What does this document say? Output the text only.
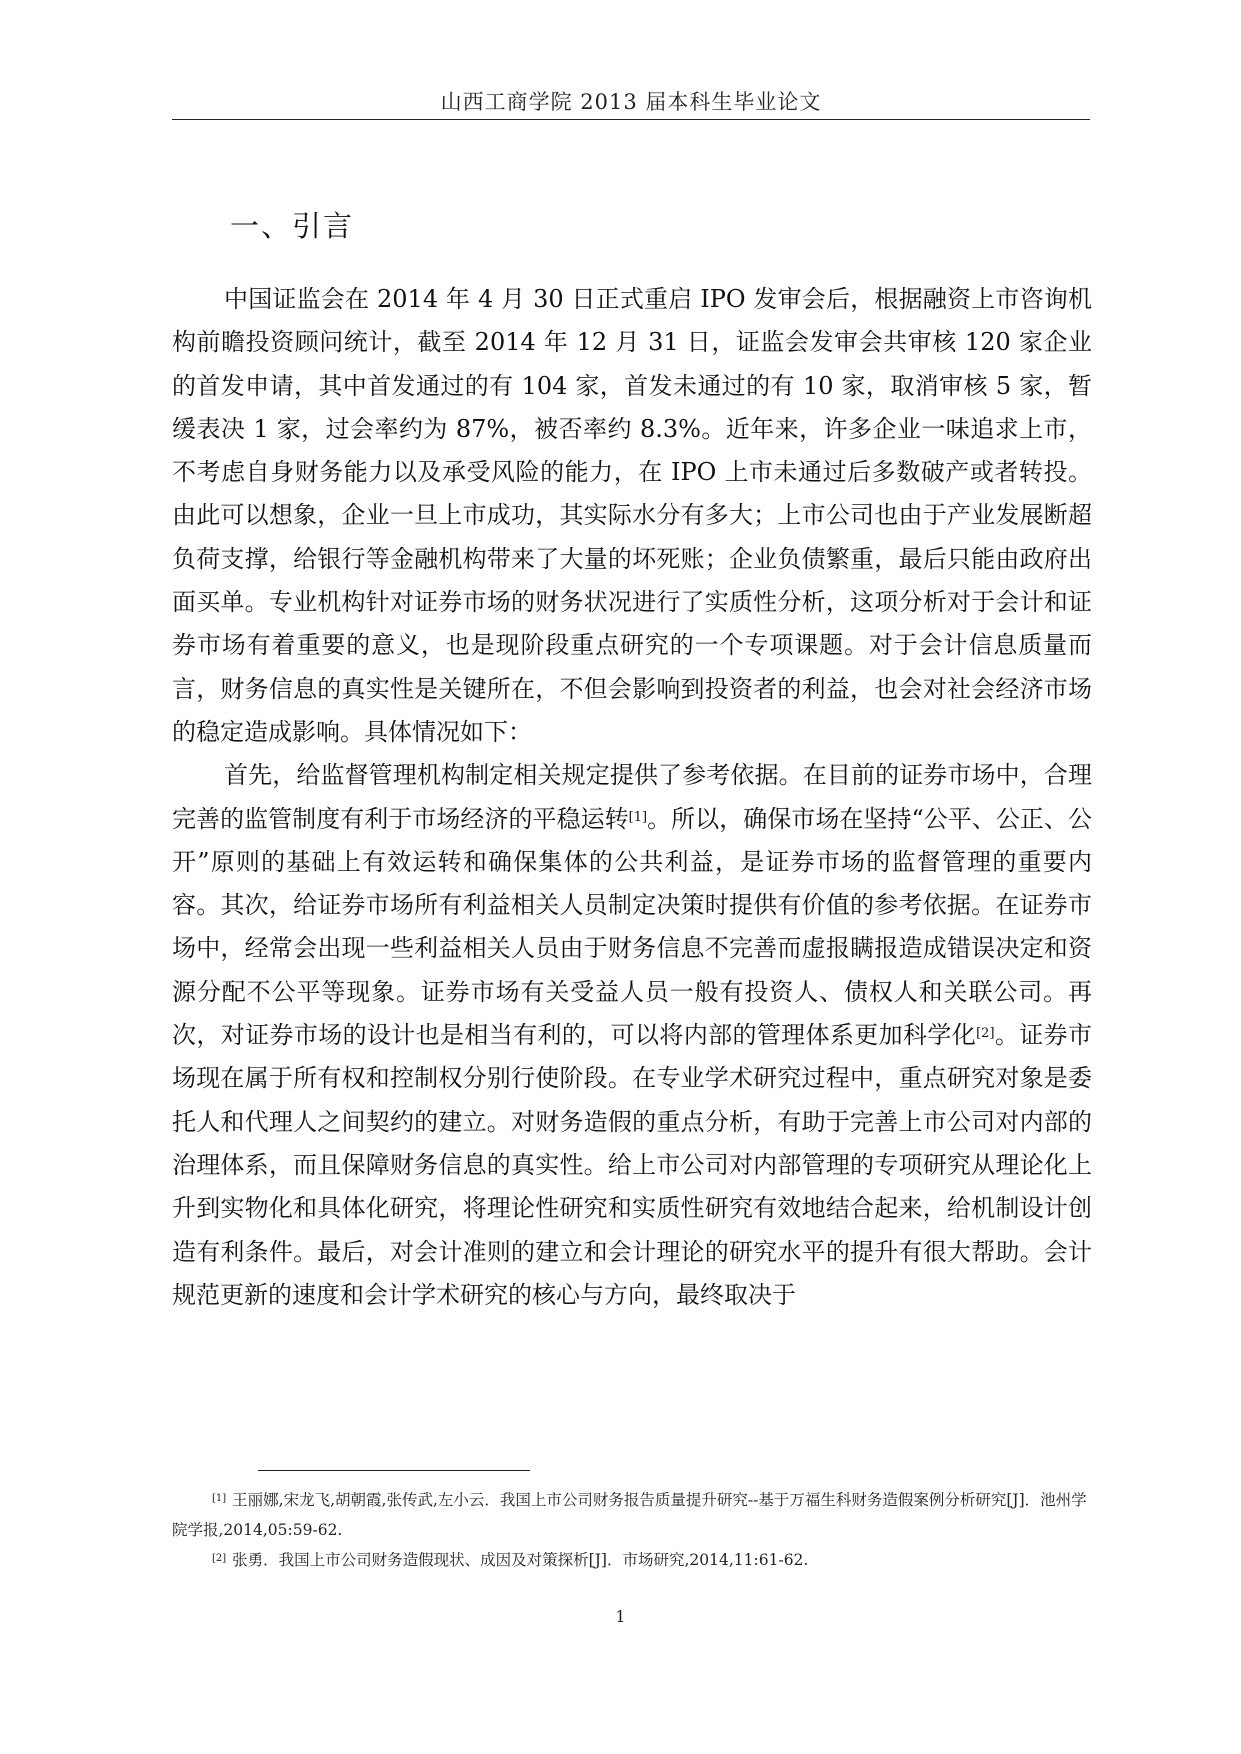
山西工商学院 2013 届本科生毕业论文
一、引言

中国证监会在 2014 年 4 月 30 日正式重启 IPO 发审会后，根据融资上市咨询机构前瞻投资顾问统计，截至 2014 年 12 月 31 日，证监会发审会共审核 120 家企业的首发申请，其中首发通过的有 104 家，首发未通过的有 10 家，取消审核 5 家，暂缓表决 1 家，过会率约为 87%，被否率约 8.3%。近年来，许多企业一味追求上市，不考虑自身财务能力以及承受风险的能力，在 IPO 上市未通过后多数破产或者转投。由此可以想象，企业一旦上市成功，其实际水分有多大；上市公司也由于产业发展断超负荷支撑，给银行等金融机构带来了大量的坏死账；企业负债繁重，最后只能由政府出面买单。专业机构针对证券市场的财务状况进行了实质性分析，这项分析对于会计和证券市场有着重要的意义，也是现阶段重点研究的一个专项课题。对于会计信息质量而言，财务信息的真实性是关键所在，不但会影响到投资者的利益，也会对社会经济市场的稳定造成影响。具体情况如下：

首先，给监督管理机构制定相关规定提供了参考依据。在目前的证券市场中，合理完善的监管制度有利于市场经济的平稳运转[1]。所以，确保市场在坚持“公平、公正、公开”原则的基础上有效运转和确保集体的公共利益，是证券市场的监督管理的重要内容。其次，给证券市场所有利益相关人员制定决策时提供有价值的参考依据。在证券市场中，经常会出现一些利益相关人员由于财务信息不完善而虚报瞒报造成错误决定和资源分配不公平等现象。证券市场有关受益人员一般有投资人、债权人和关联公司。再次，对证券市场的设计也是相当有利的，可以将内部的管理体系更加科学化[2]。证券市场现在属于所有权和控制权分别行使阶段。在专业学术研究过程中，重点研究对象是委托人和代理人之间契约的建立。对财务造假的重点分析，有助于完善上市公司对内部的治理体系，而且保障财务信息的真实性。给上市公司对内部管理的专项研究从理论化上升到实物化和具体化研究，将理论性研究和实质性研究有效地结合起来，给机制设计创造有利条件。最后，对会计准则的建立和会计理论的研究水平的提升有很大帮助。会计规范更新的速度和会计学术研究的核心与方向，最终取决于

[1] 王丽娜,宋龙飞,胡朝霞,张传武,左小云．我国上市公司财务报告质量提升研究--基于万福生科财务造假案例分析研究[J]．池州学院学报,2014,05:59-62.

[2] 张勇．我国上市公司财务造假现状、成因及对策探析[J]．市场研究,2014,11:61-62.

1
